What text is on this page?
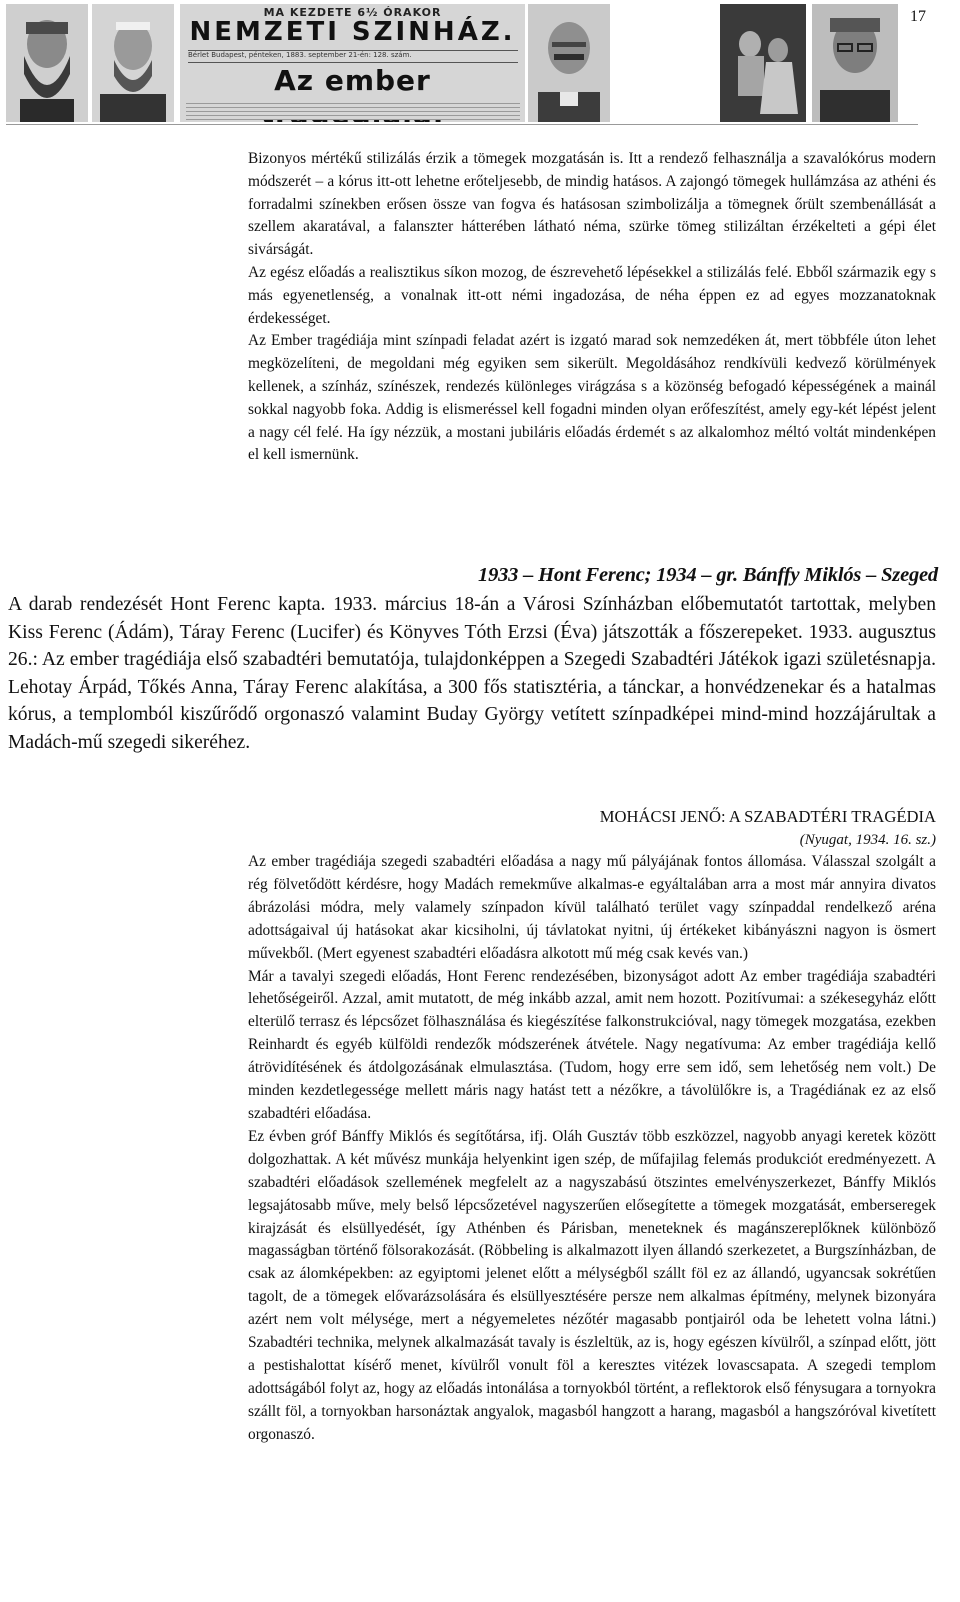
MA KEZDETE 6½ ÓRAKOR
NEMZETI SZINHÁZ.
Bérlet Budapest, pénteken, 1883. september 21-én: 128. szám.
Az ember
17

Bizonyos mértékű stilizálás érzik a tömegek mozgatásán is. Itt a rendező felhasználja a szavalókórus modern módszerét – a kórus itt-ott lehetne erőteljesebb, de mindig hatásos. A zajongó tömegek hullámzása az athéni és forradalmi színekben erősen össze van fogva és hatásosan szimbolizálja a tömegnek őrült szembenállását a szellem akaratával, a falanszter hátterében látható néma, szürke tömeg stilizáltan érzékelteti a gépi élet sivárságát.

Az egész előadás a realisztikus síkon mozog, de észrevehető lépésekkel a stilizálás felé. Ebből származik egy s más egyenetlenség, a vonalnak itt-ott némi ingadozása, de néha éppen ez ad egyes mozzanatoknak érdekességet.

Az Ember tragédiája mint színpadi feladat azért is izgató marad sok nemzedéken át, mert többféle úton lehet megközelíteni, de megoldani még egyiken sem sikerült. Megoldásához rendkívüli kedvező körülmények kellenek, a színház, színészek, rendezés különleges virágzása s a közönség befogadó képességének a mainál sokkal nagyobb foka. Addig is elismeréssel kell fogadni minden olyan erőfeszítést, amely egy-két lépést jelent a nagy cél felé. Ha így nézzük, a mostani jubiláris előadás érdemét s az alkalomhoz méltó voltát mindenképen el kell ismernünk.

1933 – Hont Ferenc; 1934 – gr. Bánffy Miklós – Szeged

A darab rendezését Hont Ferenc kapta. 1933. március 18-án a Városi Színházban előbemutatót tartottak, melyben Kiss Ferenc (Ádám), Táray Ferenc (Lucifer) és Könyves Tóth Erzsi (Éva) játszották a főszerepeket. 1933. augusztus 26.: Az ember tragédiája első szabadtéri bemutatója, tulajdonképpen a Szegedi Szabadtéri Játékok igazi születésnapja. Lehotay Árpád, Tőkés Anna, Táray Ferenc alakítása, a 300 fős statisztéria, a tánckar, a honvédzenekar és a hatalmas kórus, a templomból kiszűrődő orgonaszó valamint Buday György vetített színpadképei mind-mind hozzájárultak a Madách-mű szegedi sikeréhez.

MOHÁCSI JENŐ: A SZABADTÉRI TRAGÉDIA
(Nyugat, 1934. 16. sz.)

Az ember tragédiája szegedi szabadtéri előadása a nagy mű pályájának fontos állomása. Válasszal szolgált a rég fölvetődött kérdésre, hogy Madách remekműve alkalmas-e egyáltalában arra a most már annyira divatos ábrázolási módra, mely valamely színpadon kívül található terület vagy színpaddal rendelkező aréna adottságaival új hatásokat akar kicsiholni, új távlatokat nyitni, új értékeket kibányászni nagyon is ösmert művekből. (Mert egyenest szabadtéri előadásra alkotott mű még csak kevés van.)

Már a tavalyi szegedi előadás, Hont Ferenc rendezésében, bizonyságot adott Az ember tragédiája szabadtéri lehetőségeiről. Azzal, amit mutatott, de még inkább azzal, amit nem hozott. Pozitívumai: a székesegyház előtt elterülő terrasz és lépcsőzet fölhasználása és kiegészítése falkonstrukcióval, nagy tömegek mozgatása, ezekben Reinhardt és egyéb külföldi rendezők módszerének átvétele. Nagy negatívuma: Az ember tragédiája kellő átrövidítésének és átdolgozásának elmulasztása. (Tudom, hogy erre sem idő, sem lehetőség nem volt.) De minden kezdetlegessége mellett máris nagy hatást tett a nézőkre, a távolülőkre is, a Tragédiának ez az első szabadtéri előadása.

Ez évben gróf Bánffy Miklós és segítőtársa, ifj. Oláh Gusztáv több eszközzel, nagyobb anyagi keretek között dolgozhattak. A két művész munkája helyenkint igen szép, de műfajilag felemás produkciót eredményezett. A szabadtéri előadások szellemének megfelelt az a nagyszabású ötszintes emelvényszerkezet, Bánffy Miklós legsajátosabb műve, mely belső lépcsőzetével nagyszerűen elősegítette a tömegek mozgatását, emberseregek kirajzását és elsüllyedését, így Athénben és Párisban, meneteknek és magánszereplőknek különböző magasságban történő fölsorakozását. (Röbbeling is alkalmazott ilyen állandó szerkezetet, a Burgszínházban, de csak az álomképekben: az egyiptomi jelenet előtt a mélységből szállt föl ez az állandó, ugyancsak sokrétűen tagolt, de a tömegek elővarázsolására és elsüllyesztésére persze nem alkalmas építmény, melynek bizonyára azért nem volt mélysége, mert a négyemeletes nézőtér magasabb pontjairól oda be lehetett volna látni.) Szabadtéri technika, melynek alkalmazását tavaly is észleltük, az is, hogy egészen kívülről, a színpad előtt, jött a pestishalottat kísérő menet, kívülről vonult föl a keresztes vitézek lovascsapata. A szegedi templom adottságából folyt az, hogy az előadás intonálása a tornyokból történt, a reflektorok első fénysugara a tornyokra szállt föl, a tornyokban harsonáztak angyalok, magasból hangzott a harang, magasból a hangszóróval kivetített orgonaszó.
